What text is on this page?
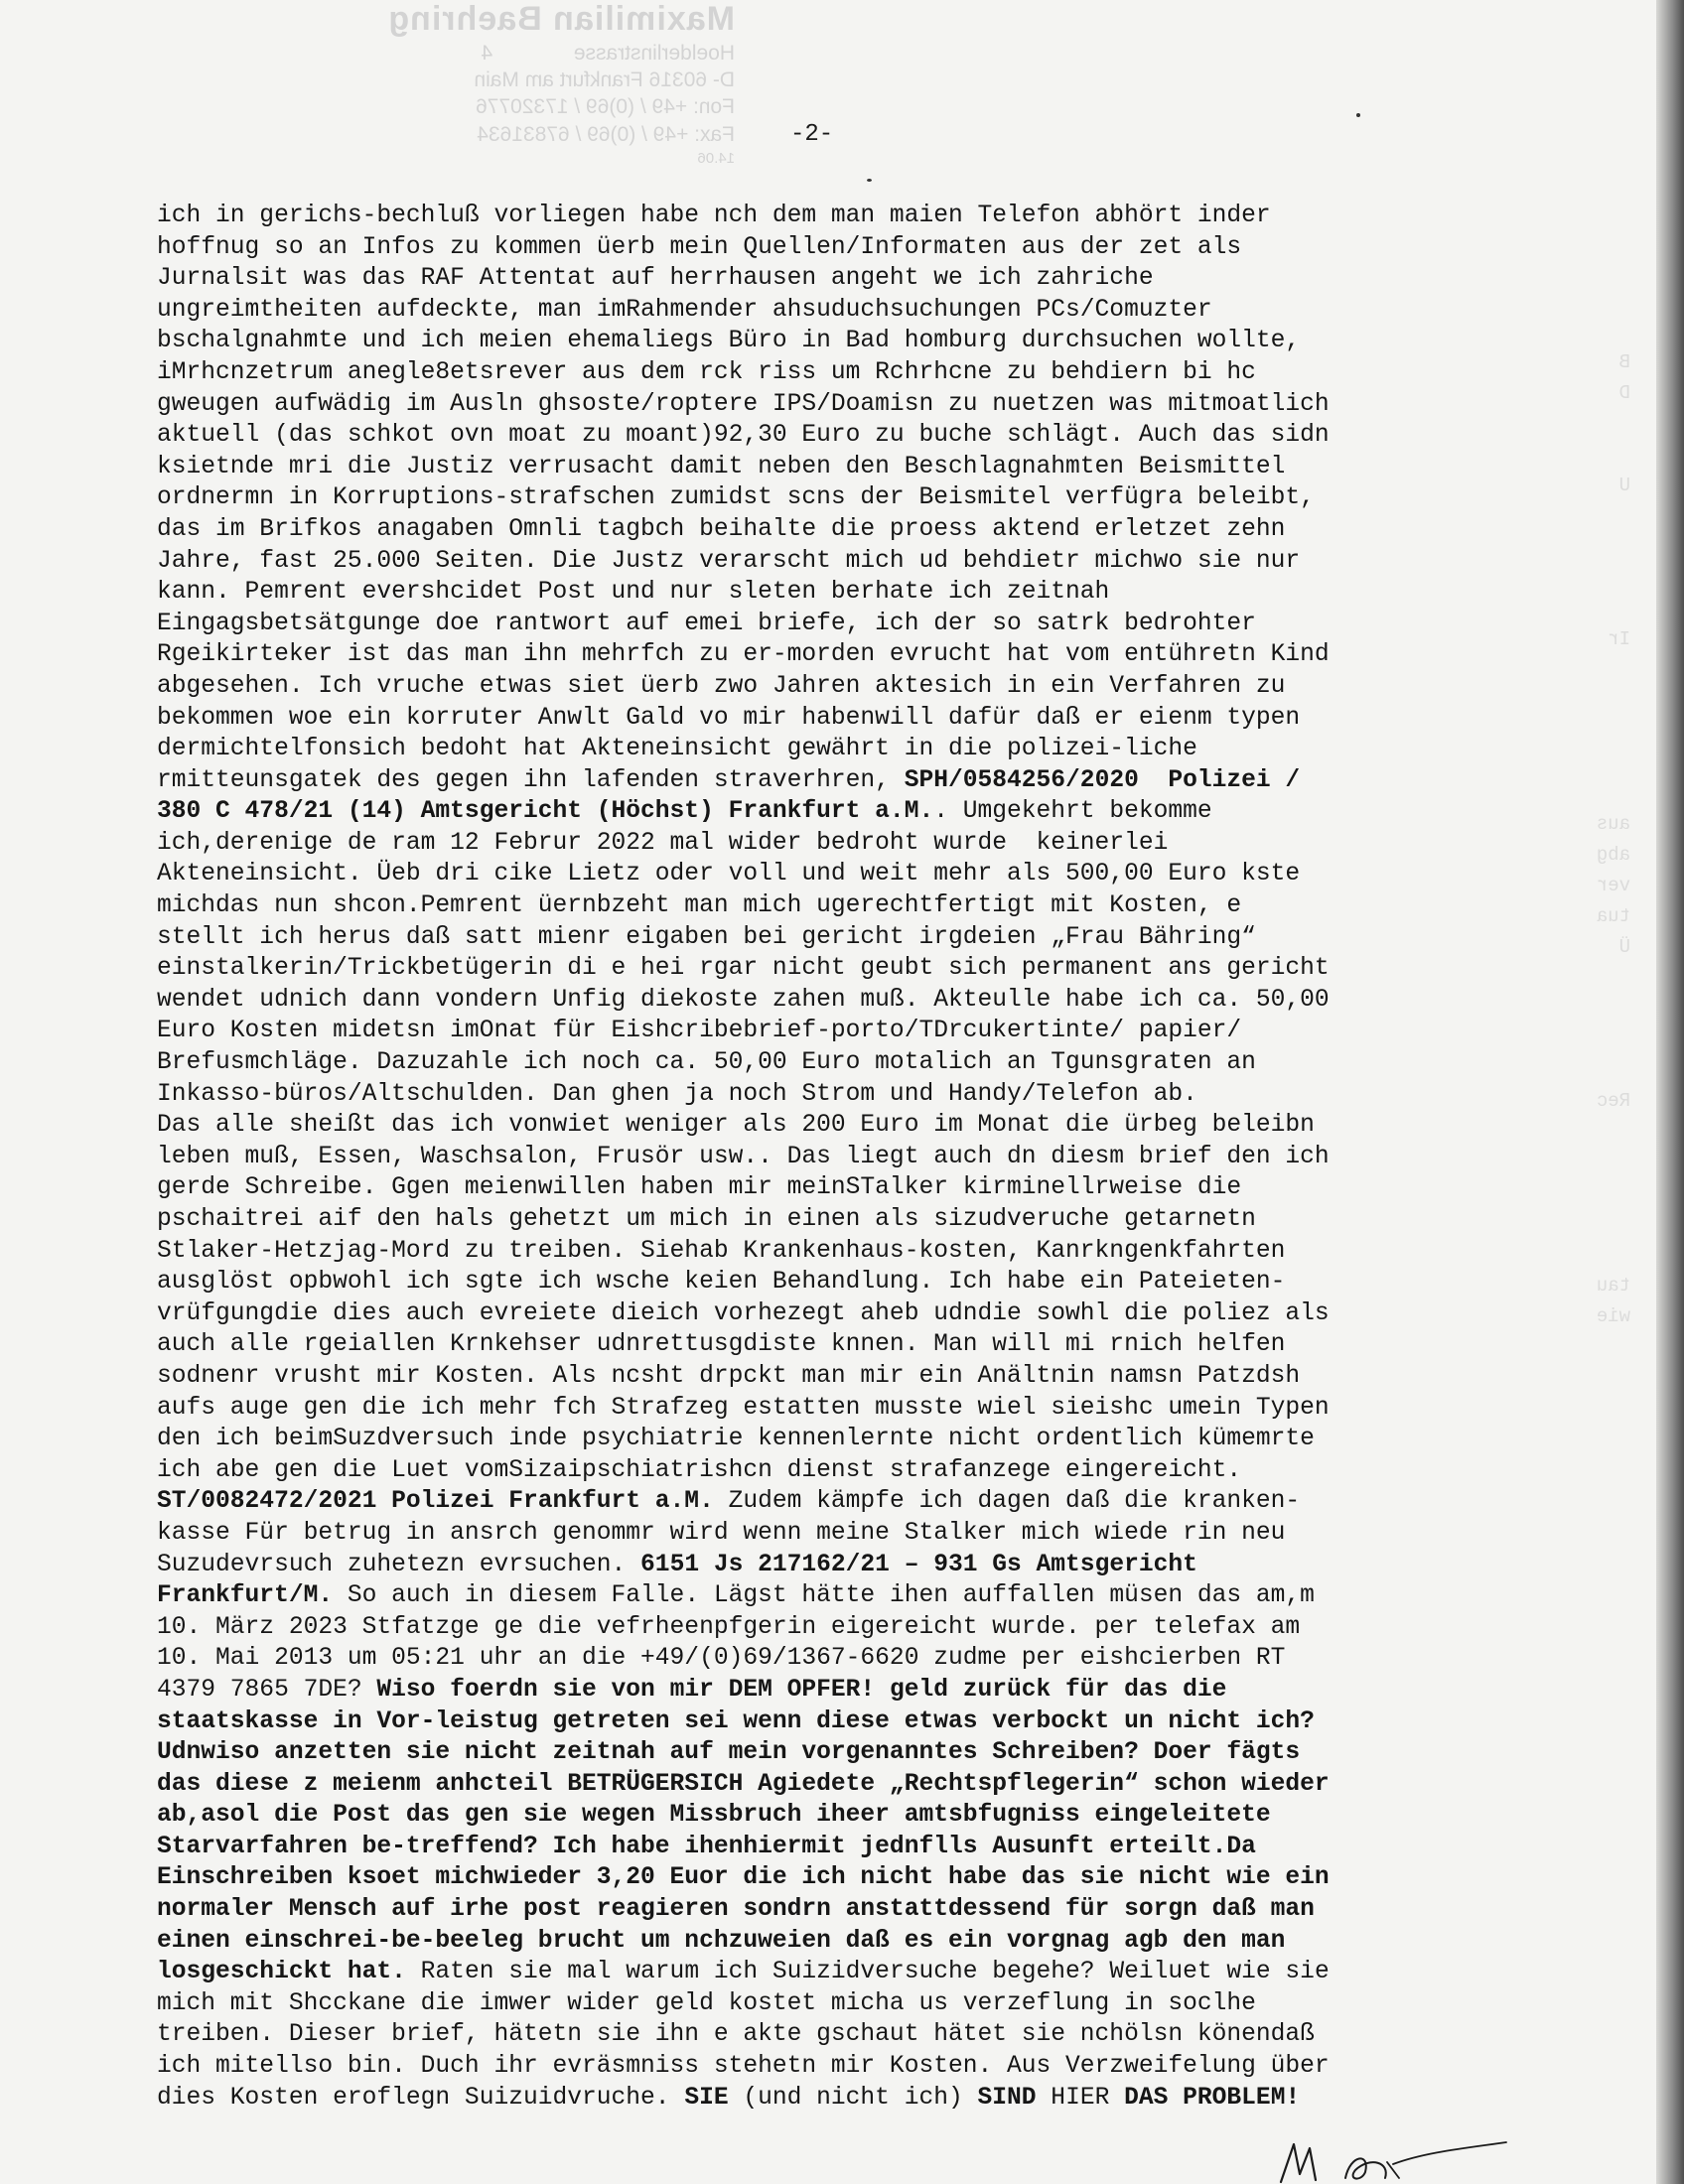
Maximilian Baehring
Hoelderlinstrasse              4
D- 60316 Frankfurt am Main
Fon: +49 / (0)69 / 17320776
Fax: +49 / (0)69 / 67831634
14.06
B
D
U
Ir
aus
abg
ver
tua
Ü
Rec
tau
wie
-2-
ich in gerichs-bechluß vorliegen habe nch dem man maien Telefon abhört inder
hoffnug so an Infos zu kommen üerb mein Quellen/Informaten aus der zet als
Jurnalsit was das RAF Attentat auf herrhausen angeht we ich zahriche
ungreimtheiten aufdeckte, man imRahmender ahsuduchsuchungen PCs/Comuzter
bschalgnahmte und ich meien ehemaliegs Büro in Bad homburg durchsuchen wollte,
iMrhcnzetrum anegle8etsrever aus dem rck riss um Rchrhcne zu behdiern bi hc
gweugen aufwädig im Ausln ghsoste/roptere IPS/Doamisn zu nuetzen was mitmoatlich
aktuell (das schkot ovn moat zu moant)92,30 Euro zu buche schlägt. Auch das sidn
ksietnde mri die Justiz verrusacht damit neben den Beschlagnahmten Beismittel
ordnermn in Korruptions-strafschen zumidst scns der Beismitel verfügra beleibt,
das im Brifkos anagaben Omnli tagbch beihalte die proess aktend erletzet zehn
Jahre, fast 25.000 Seiten. Die Justz verarscht mich ud behdietr michwo sie nur
kann. Pemrent evershcidet Post und nur sleten berhate ich zeitnah
Eingagsbetsätgunge doe rantwort auf emei briefe, ich der so satrk bedrohter
Rgeikirteker ist das man ihn mehrfch zu er-morden evrucht hat vom entühretn Kind
abgesehen. Ich vruche etwas siet üerb zwo Jahren aktesich in ein Verfahren zu
bekommen woe ein korruter Anwlt Gald vo mir habenwill dafür daß er eienm typen
dermichtelfonsich bedoht hat Akteneinsicht gewährt in die polizei-liche
rmitteunsgatek des gegen ihn lafenden straverhren, SPH/0584256/2020  Polizei /
380 C 478/21 (14) Amtsgericht (Höchst) Frankfurt a.M.. Umgekehrt bekomme
ich,derenige de ram 12 Februr 2022 mal wider bedroht wurde  keinerlei
Akteneinsicht. Üeb dri cike Lietz oder voll und weit mehr als 500,00 Euro kste
michdas nun shcon.Pemrent üernbzeht man mich ugerechtfertigt mit Kosten, e
stellt ich herus daß satt mienr eigaben bei gericht irgdeien „Frau Bähring“
einstalkerin/Trickbetügerin di e hei rgar nicht geubt sich permanent ans gericht
wendet udnich dann vondern Unfig diekoste zahen muß. Akteulle habe ich ca. 50,00
Euro Kosten midetsn imOnat für Eishcribebrief-porto/TDrcukertinte/ papier/
Brefusmchläge. Dazuzahle ich noch ca. 50,00 Euro motalich an Tgunsgraten an
Inkasso-büros/Altschulden. Dan ghen ja noch Strom und Handy/Telefon ab.
Das alle sheißt das ich vonwiet weniger als 200 Euro im Monat die ürbeg beleibn
leben muß, Essen, Waschsalon, Frusör usw.. Das liegt auch dn diesm brief den ich
gerde Schreibe. Ggen meienwillen haben mir meinSTalker kirminellrweise die
pschaitrei aif den hals gehetzt um mich in einen als sizudveruche getarnetn
Stlaker-Hetzjag-Mord zu treiben. Siehab Krankenhaus-kosten, Kanrkngenkfahrten
ausglöst opbwohl ich sgte ich wsche keien Behandlung. Ich habe ein Pateieten-
vrüfgungdie dies auch evreiete dieich vorhezegt aheb udndie sowhl die poliez als
auch alle rgeiallen Krnkehser udnrettusgdiste knnen. Man will mi rnich helfen
sodnenr vrusht mir Kosten. Als ncsht drpckt man mir ein Anältnin namsn Patzdsh
aufs auge gen die ich mehr fch Strafzeg estatten musste wiel sieishc umein Typen
den ich beimSuzdversuch inde psychiatrie kennenlernte nicht ordentlich kümemrte
ich abe gen die Luet vomSizaipschiatrishcn dienst strafanzege eingereicht.
ST/0082472/2021 Polizei Frankfurt a.M. Zudem kämpfe ich dagen daß die kranken-
kasse Für betrug in ansrch genommr wird wenn meine Stalker mich wiede rin neu
Suzudevrsuch zuhetezn evrsuchen. 6151 Js 217162/21 – 931 Gs Amtsgericht
Frankfurt/M. So auch in diesem Falle. Lägst hätte ihen auffallen müsen das am,m
10. März 2023 Stfatzge ge die vefrheenpfgerin eigereicht wurde. per telefax am
10. Mai 2013 um 05:21 uhr an die +49/(0)69/1367-6620 zudme per eishcierben RT
4379 7865 7DE? Wiso foerdn sie von mir DEM OPFER! geld zurück für das die
staatskasse in Vor-leistug getreten sei wenn diese etwas verbockt un nicht ich?
Udnwiso anzetten sie nicht zeitnah auf mein vorgenanntes Schreiben? Doer fägts
das diese z meienm anhcteil BETRÜGERSICH Agiedete „Rechtspflegerin“ schon wieder
ab,asol die Post das gen sie wegen Missbruch iheer amtsbfugniss eingeleitete
Starvarfahren be-treffend? Ich habe ihenhiermit jednflls Ausunft erteilt.Da
Einschreiben ksoet michwieder 3,20 Euor die ich nicht habe das sie nicht wie ein
normaler Mensch auf irhe post reagieren sondrn anstattdessend für sorgn daß man
einen einschrei-be-beeleg brucht um nchzuweien daß es ein vorgnag agb den man
losgeschickt hat. Raten sie mal warum ich Suizidversuche begehe? Weiluet wie sie
mich mit Shcckane die imwer wider geld kostet micha us verzeflung in soclhe
treiben. Dieser brief, hätetn sie ihn e akte gschaut hätet sie nchölsn könendaß
ich mitellso bin. Duch ihr evräsmniss stehetn mir Kosten. Aus Verzweifelung über
dies Kosten eroflegn Suizuidvruche. SIE (und nicht ich) SIND HIER DAS PROBLEM!
